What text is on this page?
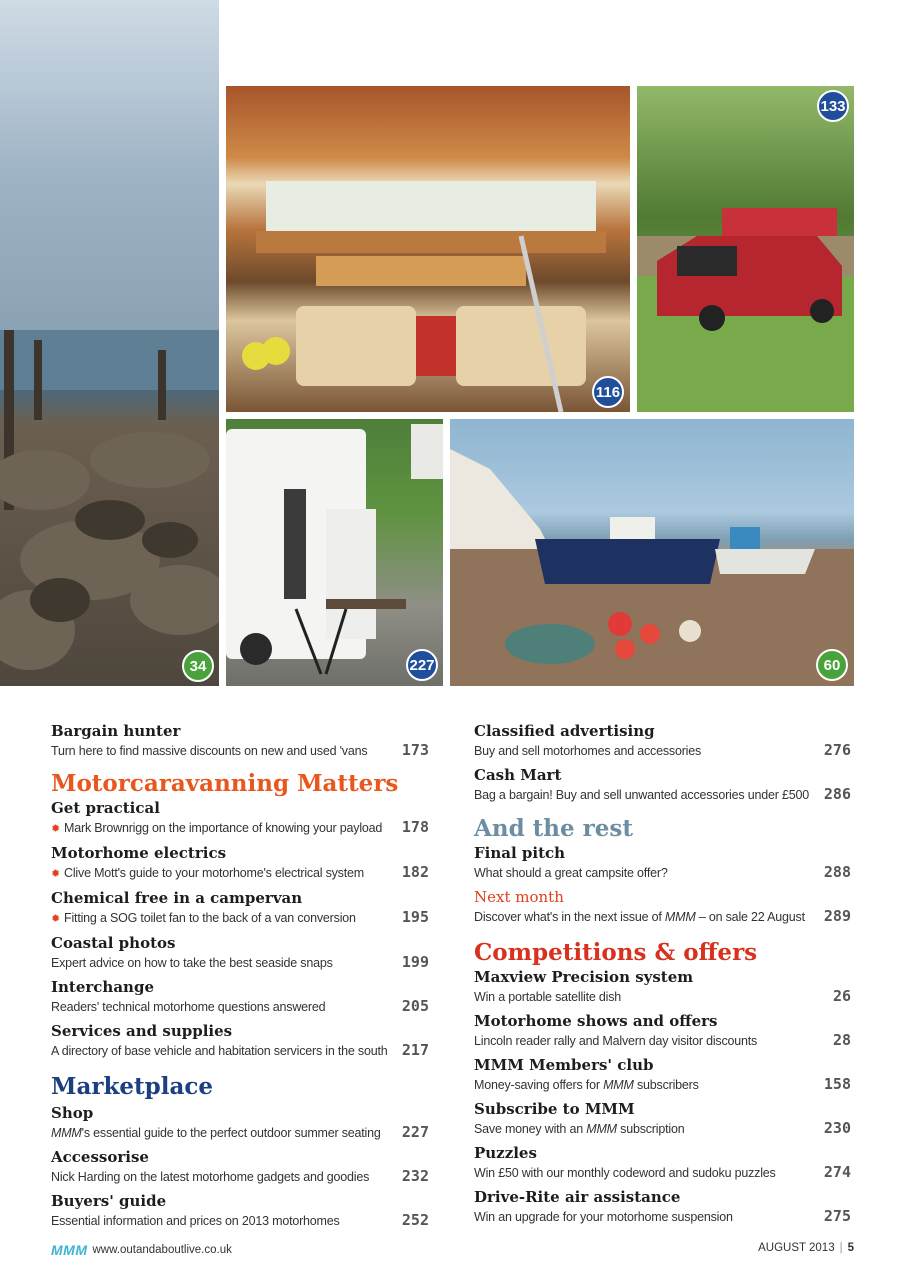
34
116
133
227	60
Bargain hunter
Turn here to find massive discounts on new and used 'vans 173
Motorcaravanning Matters
Get practical
✹ Mark Brownrigg on the importance of knowing your payload 178
Motorhome electrics
✹ Clive Mott's guide to your motorhome's electrical system	182
Chemical free in a campervan
✹ Fitting a SOG toilet fan to the back of a van conversion	195
Coastal photos
Expert advice on how to take the best seaside snaps	199
Interchange
Readers' technical motorhome questions answered	205
Services and supplies
A directory of base vehicle and habitation servicers in the south 217
Marketplace
Shop
MMM's essential guide to the perfect outdoor summer seating 227
Accessorise
Nick Harding on the latest motorhome gadgets and goodies 232
Buyers' guide
Essential information and prices on 2013 motorhomes	252
Classified advertising
Buy and sell motorhomes and accessories	276
Cash Mart
Bag a bargain! Buy and sell unwanted accessories under £500 286
And the rest
Final pitch
What should a great campsite offer?	288
Next month
Discover what's in the next issue of MMM – on sale 22 August 289
Competitions & offers
Maxview Precision system
Win a portable satellite dish	26
Motorhome shows and offers
Lincoln reader rally and Malvern day visitor discounts	28
MMM Members' club
Money-saving offers for MMM subscribers	158
Subscribe to MMM
Save money with an MMM subscription	230
Puzzles
Win £50 with our monthly codeword and sudoku puzzles	274
Drive-Rite air assistance
Win an upgrade for your motorhome suspension	275
MMM www.outandaboutlive.co.uk	AUGUST 2013 | 5
